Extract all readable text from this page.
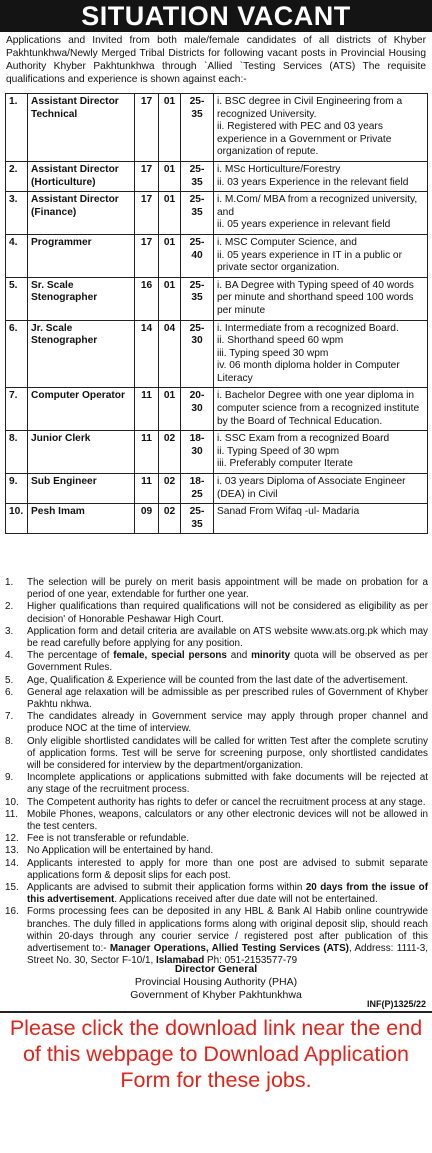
SITUATION VACANT
Applications and Invited from both male/female candidates of all districts of Khyber Pakhtunkhwa/Newly Merged Tribal Districts for following vacant posts in Provincial Housing Authority Khyber Pakhtunkhwa through `Allied `Testing Services (ATS) The requisite qualifications and experience is shown against each:-
1.	Assistant Director Technical	17	01	25-35	i. BSC degree in Civil Engineering from a recognized University.
ii. Registered with PEC and 03 years experience in a Government or Private organization of repute.

2.	Assistant Director (Horticulture)	17	01	25-35	i. MSc Horticulture/Forestry
ii. 03 years Experience in the relevant field

3.	Assistant Director (Finance)	17	01	25-35	i. M.Com/ MBA from a recognized university, and
ii. 05 years experience in relevant field

4.	Programmer	17	01	25-40	i. MSC Computer Science, and
ii. 05 years experience in IT in a public or private sector organization.

5.	Sr. Scale Stenographer	16	01	25-35	i. BA Degree with Typing speed of 40 words per minute and shorthand speed 100 words per minute

6.	Jr. Scale Stenographer	14	04	25-30	i. Intermediate from a recognized Board.
ii. Shorthand speed 60 wpm
iii. Typing speed 30 wpm
iv. 06 month diploma holder in Computer Literacy

7.	Computer Operator	11	01	20-30	i. Bachelor Degree with one year diploma in computer science from a recognized institute by the Board of Technical Education.

8.	Junior Clerk	11	02	18-30	i. SSC Exam from a recognized Board
ii. Typing Speed of 30 wpm
iii. Preferably computer Iterate

9.	Sub Engineer	11	02	18-25	i. 03 years Diploma of Associate Engineer (DEA) in Civil

10.	Pesh Imam	09	02	25-35	Sanad From Wifaq -ul- Madaria
1.	The selection will be purely on merit basis appointment will be made on probation for a period of one year, extendable for further one year.
2.	Higher qualifications than required qualifications will not be considered as eligibility as per decision' of Honorable Peshawar High Court.
3.	Application form and detail criteria are available on ATS website www.ats.org.pk which may be read carefully before applying for any position.
4.	The percentage of female, special persons and minority quota will be observed as per Government Rules.
5.	Age, Qualification & Experience will be counted from the last date of the advertisement.
6.	General age relaxation will be admissible as per prescribed rules of Government of Khyber Pakhtu nkhwa.
7.	The candidates already in Government service may apply through proper channel and produce NOC at the time of interview.
8.	Only eligible shortlisted candidates will be called for written Test after the complete scrutiny of application forms. Test will be serve for screening purpose, only shortlisted candidates will be considered for interview by the department/organization.
9.	Incomplete applications or applications submitted with fake documents will be rejected at any stage of the recruitment process.
10. The Competent authority has rights to defer or cancel the recruitment process at any stage.
11. Mobile Phones, weapons, calculators or any other electronic devices will not be allowed in the test centers.
12. Fee is not transferable or refundable.
13. No Application will be entertained by hand.
14. Applicants interested to apply for more than one post are advised to submit separate applications form & deposit slips for each post.
15. Applicants are advised to submit their application forms within 20 days from the issue of this advertisement. Applications received after due date will not be entertained.
16. Forms processing fees can be deposited in any HBL & Bank Al Habib online countrywide branches. The duly filled in applications forms along with original deposit slip, should reach within 20-days through any courier service / registered post after publication of this advertisement to:- Manager Operations, Allied Testing Services (ATS), Address: 1111-3, Street No. 30, Sector F-10/1, Islamabad Ph: 051-2153577-79
Director General
Provincial Housing Authority (PHA)
Government of Khyber Pakhtunkhwa
INF(P)1325/22
Please click the download link near the end of this webpage to Download Application Form for these jobs.
